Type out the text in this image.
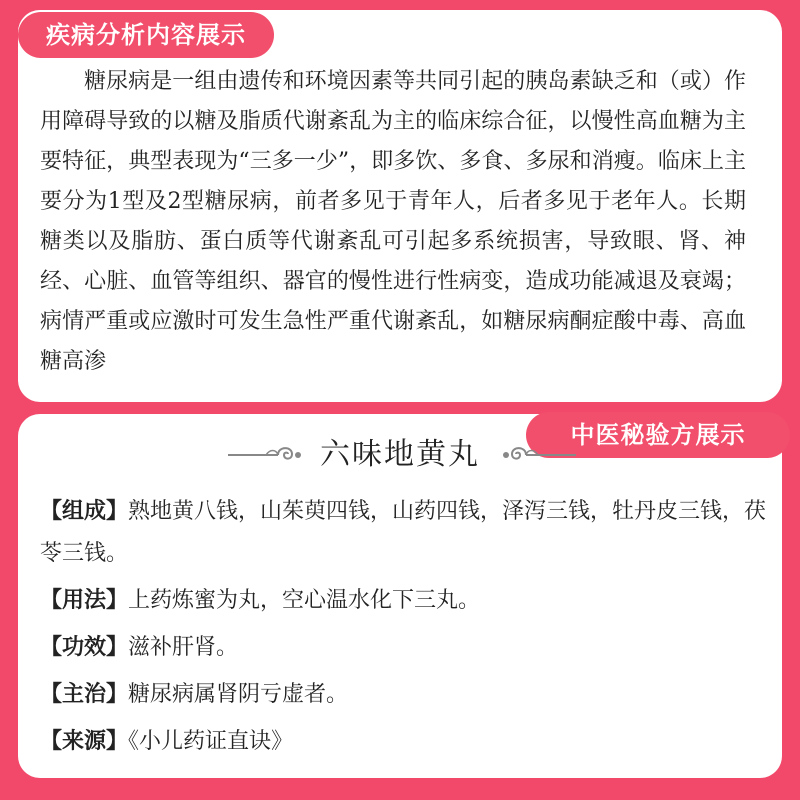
疾病分析内容展示

糖尿病是一组由遗传和环境因素等共同引起的胰岛素缺乏和（或）作用障碍导致的以糖及脂质代谢紊乱为主的临床综合征，以慢性高血糖为主要特征，典型表现为“三多一少”，即多饮、多食、多尿和消瘦。临床上主要分为1型及2型糖尿病，前者多见于青年人，后者多见于老年人。长期糖类以及脂肪、蛋白质等代谢紊乱可引起多系统损害，导致眼、肾、神经、心脏、血管等组织、器官的慢性进行性病变，造成功能减退及衰竭；病情严重或应激时可发生急性严重代谢紊乱，如糖尿病酮症酸中毒、高血糖高渗

中医秘验方展示
六味地黄丸

【组成】熟地黄八钱，山茱萸四钱，山药四钱，泽泻三钱，牡丹皮三钱，茯苓三钱。

【用法】上药炼蜜为丸，空心温水化下三丸。

【功效】滋补肝肾。

【主治】糖尿病属肾阴亏虚者。

【来源】《小儿药证直诀》
